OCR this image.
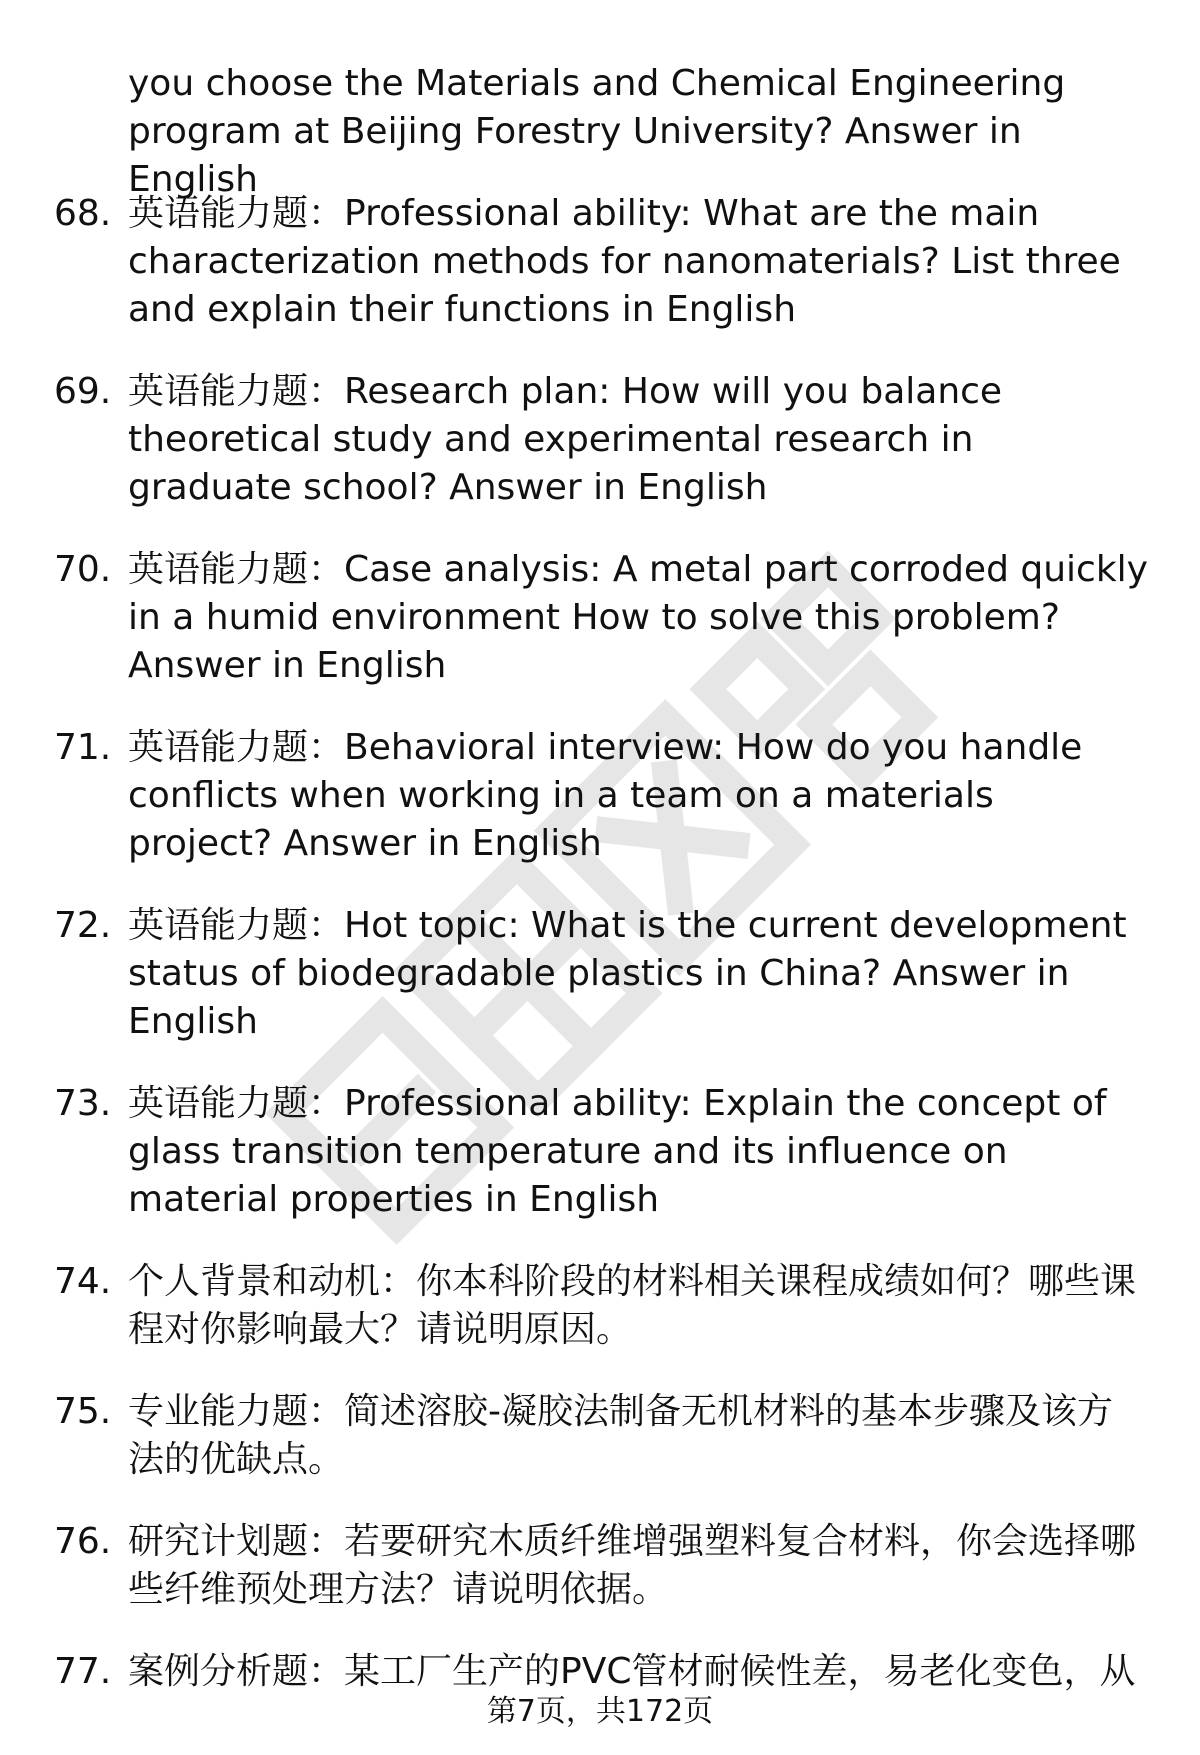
you choose the Materials and Chemical Engineering program at Beijing Forestry University? Answer in English

68. 英语能力题：Professional ability: What are the main characterization methods for nanomaterials? List three and explain their functions in English
69. 英语能力题：Research plan: How will you balance theoretical study and experimental research in graduate school? Answer in English
70. 英语能力题：Case analysis: A metal part corroded quickly in a humid environment How to solve this problem? Answer in English
71. 英语能力题：Behavioral interview: How do you handle conflicts when working in a team on a materials project? Answer in English
72. 英语能力题：Hot topic: What is the current development status of biodegradable plastics in China? Answer in English
73. 英语能力题：Professional ability: Explain the concept of glass transition temperature and its influence on material properties in English
74. 个人背景和动机：你本科阶段的材料相关课程成绩如何？哪些课程对你影响最大？请说明原因。
75. 专业能力题：简述溶胶-凝胶法制备无机材料的基本步骤及该方法的优缺点。
76. 研究计划题：若要研究木质纤维增强塑料复合材料，你会选择哪些纤维预处理方法？请说明依据。
77. 案例分析题：某工厂生产的PVC管材耐候性差，易老化变色，从
第7页，共172页
